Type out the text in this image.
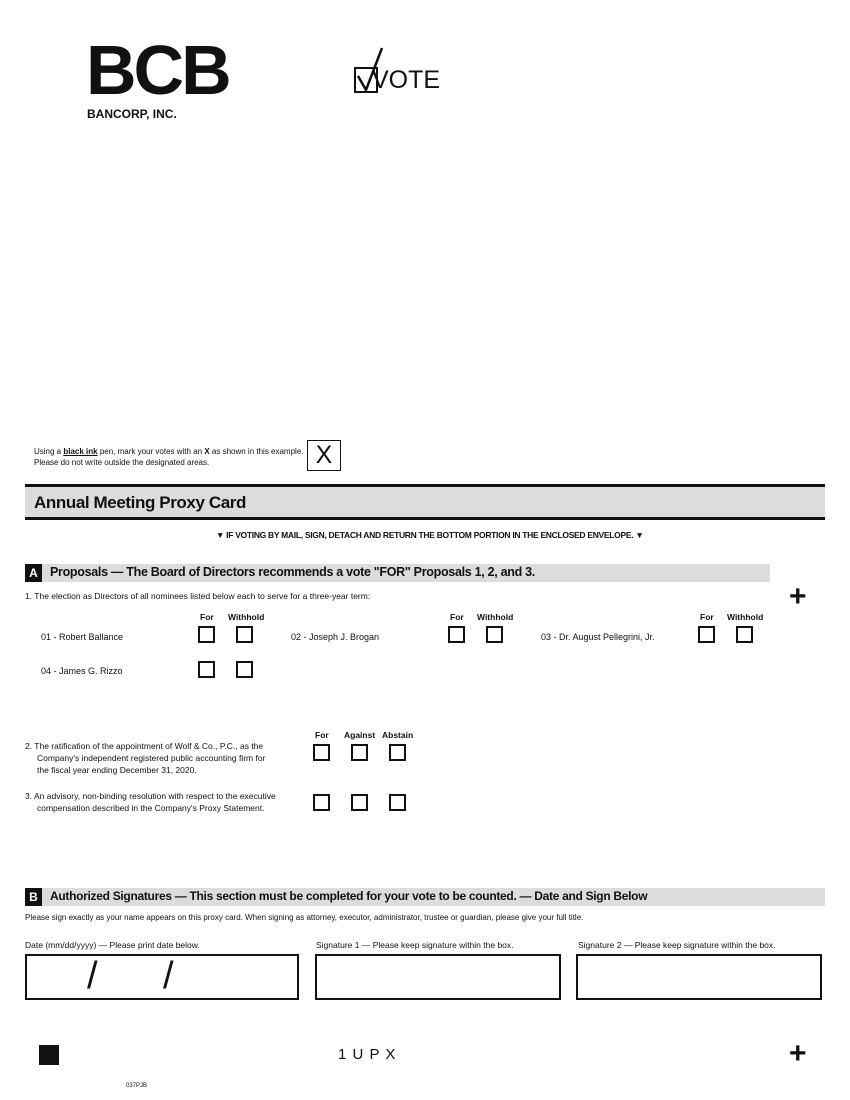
BCB
BANCORP, INC.
VOTE
Using a black ink pen, mark your votes with an X as shown in this example.
Please do not write outside the designated areas.	X
Annual Meeting Proxy Card
▼ IF VOTING BY MAIL, SIGN, DETACH AND RETURN THE BOTTOM PORTION IN THE ENCLOSED ENVELOPE. ▼
A Proposals — The Board of Directors recommends a vote "FOR" Proposals 1, 2, and 3.
+
1. The election as Directors of all nominees listed below each to serve for a three-year term:
For Withhold	For Withhold	For Withhold
01 - Robert Ballance	02 - Joseph J. Brogan	03 - Dr. August Pellegrini, Jr.
04 - James G. Rizzo
For Against Abstain
2. The ratification of the appointment of Wolf & Co., P.C., as the
Company's independent registered public accounting firm for
the fiscal year ending December 31, 2020.
3. An advisory, non-binding resolution with respect to the executive
compensation described in the Company's Proxy Statement.
B	Authorized Signatures — This section must be completed for your vote to be counted. — Date and Sign Below
Please sign exactly as your name appears on this proxy card. When signing as attorney, executor, administrator, trustee or guardian, please give your full title.
Date (mm/dd/yyyy) — Please print date below.	Signature 1 — Please keep signature within the box.	Signature 2 — Please keep signature within the box.
/ /
1 U P X	+
037PJB
